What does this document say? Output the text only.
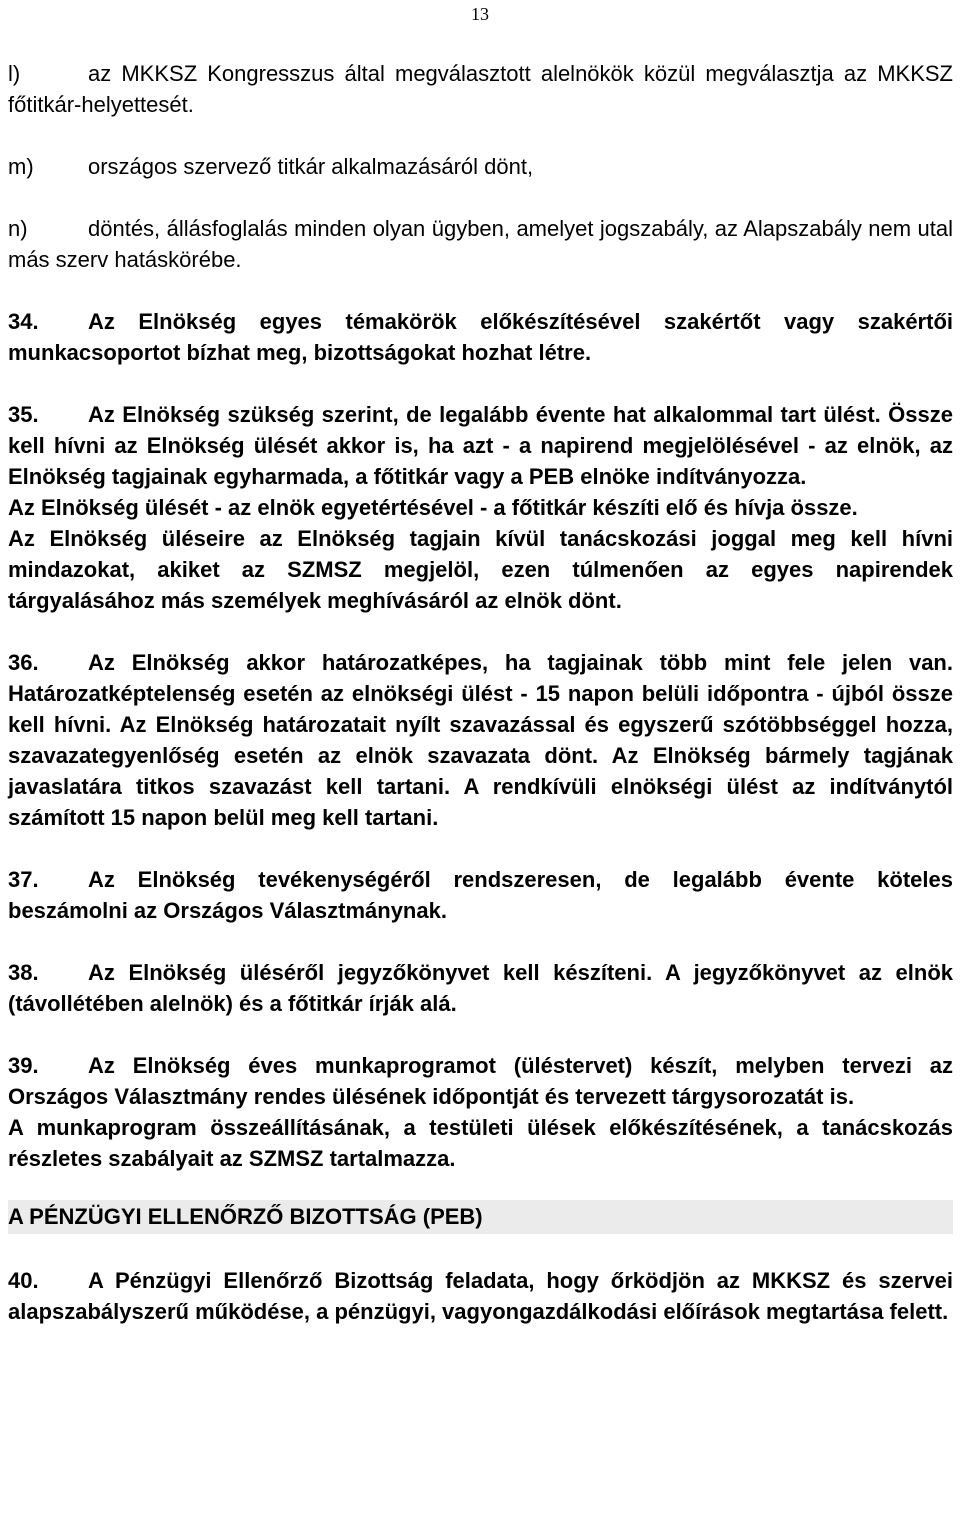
13

l)	az MKKSZ Kongresszus által megválasztott alelnökök közül megválasztja az MKKSZ főtitkár-helyettesét.

m) országos szervező titkár alkalmazásáról dönt,

n)	döntés, állásfoglalás minden olyan ügyben, amelyet jogszabály, az Alapszabály nem utal más szerv hatáskörébe.

34. Az Elnökség egyes témakörök előkészítésével szakértőt vagy szakértői munkacsoportot bízhat meg, bizottságokat hozhat létre.

35. Az Elnökség szükség szerint, de legalább évente hat alkalommal tart ülést. Össze kell hívni az Elnökség ülését akkor is, ha azt - a napirend megjelölésével - az elnök, az Elnökség tagjainak egyharmada, a főtitkár vagy a PEB elnöke indítványozza.

Az Elnökség ülését - az elnök egyetértésével - a főtitkár készíti elő és hívja össze.

Az Elnökség üléseire az Elnökség tagjain kívül tanácskozási joggal meg kell hívni mindazokat, akiket az SZMSZ megjelöl, ezen túlmenően az egyes napirendek tárgyalásához más személyek meghívásáról az elnök dönt.

36. Az Elnökség akkor határozatképes, ha tagjainak több mint fele jelen van. Határozatképtelenség esetén az elnökségi ülést - 15 napon belüli időpontra - újból össze kell hívni. Az Elnökség határozatait nyílt szavazással és egyszerű szótöbbséggel hozza, szavazategyenlőség esetén az elnök szavazata dönt. Az Elnökség bármely tagjának javaslatára titkos szavazást kell tartani. A rendkívüli elnökségi ülést az indítványtól számított 15 napon belül meg kell tartani.

37. Az Elnökség tevékenységéről rendszeresen, de legalább évente köteles beszámolni az Országos Választmánynak.

38. Az Elnökség üléséről jegyzőkönyvet kell készíteni. A jegyzőkönyvet az elnök (távollétében alelnök) és a főtitkár írják alá.

39. Az Elnökség éves munkaprogramot (üléstervet) készít, melyben tervezi az Országos Választmány rendes ülésének időpontját és tervezett tárgysorozatát is.

A munkaprogram összeállításának, a testületi ülések előkészítésének, a tanácskozás részletes szabályait az SZMSZ tartalmazza.

A PÉNZÜGYI ELLENŐRZŐ BIZOTTSÁG (PEB)

40. A Pénzügyi Ellenőrző Bizottság feladata, hogy őrködjön az MKKSZ és szervei alapszabályszerű működése, a pénzügyi, vagyongazdálkodási előírások megtartása felett.
